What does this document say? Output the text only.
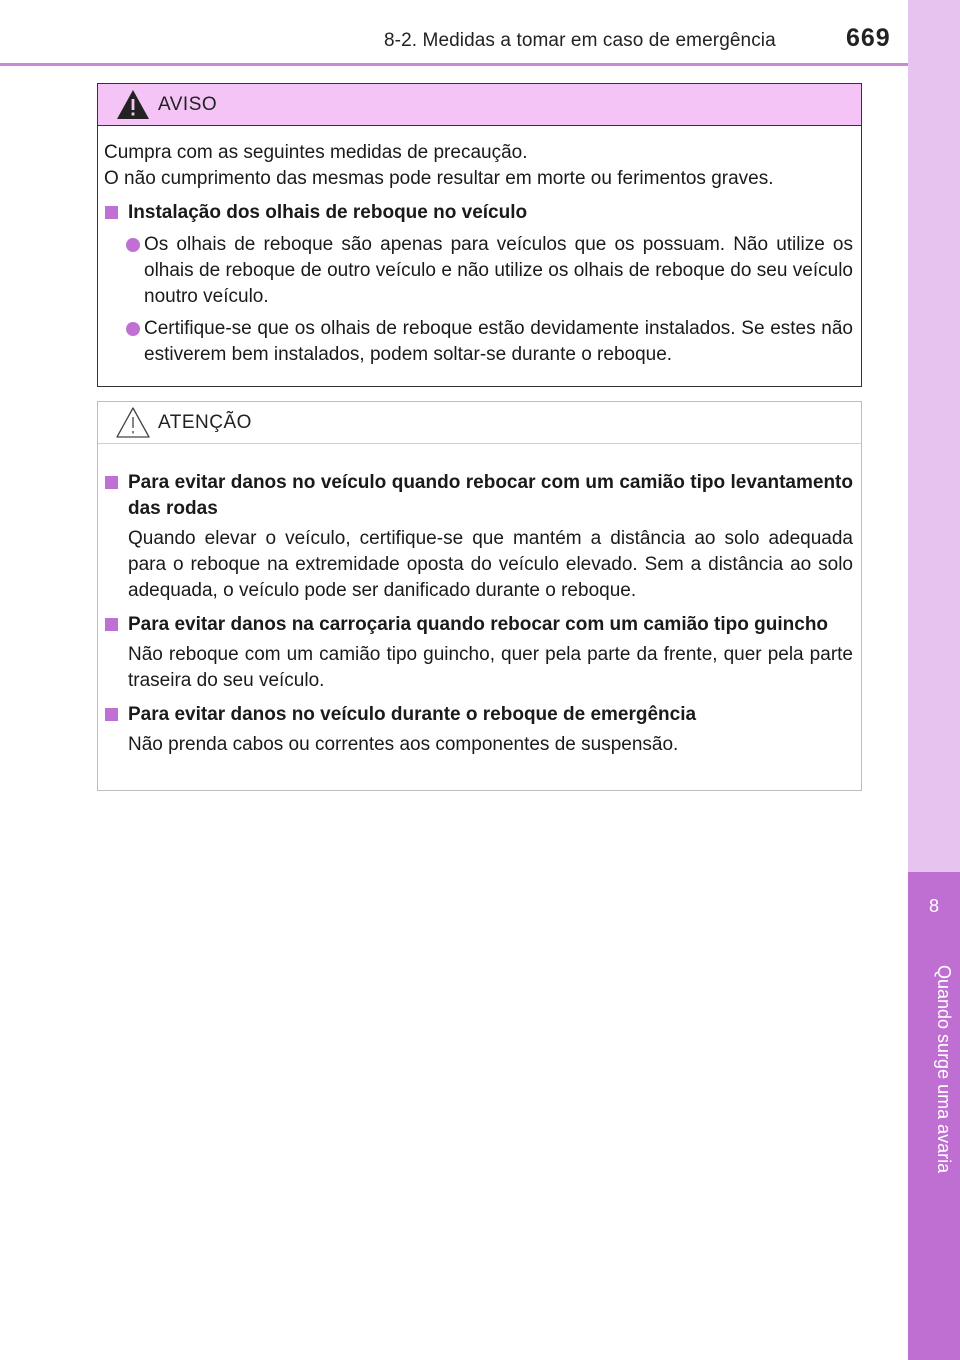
8
Quando surge uma avaria
8-2. Medidas a tomar em caso de emergência	669
AVISO

Cumpra com as seguintes medidas de precaução.

O não cumprimento das mesmas pode resultar em morte ou ferimentos graves.

Instalação dos olhais de reboque no veículo
Os olhais de reboque são apenas para veículos que os possuam. Não utilize os olhais de reboque de outro veículo e não utilize os olhais de reboque do seu veículo noutro veículo.
Certifique-se que os olhais de reboque estão devidamente instalados. Se estes não estiverem bem instalados, podem soltar-se durante o reboque.
ATENÇÃO
Para evitar danos no veículo quando rebocar com um camião tipo levantamento das rodas

Quando elevar o veículo, certifique-se que mantém a distância ao solo adequada para o reboque na extremidade oposta do veículo elevado. Sem a distância ao solo adequada, o veículo pode ser danificado durante o reboque.

Para evitar danos na carroçaria quando rebocar com um camião tipo guincho

Não reboque com um camião tipo guincho, quer pela parte da frente, quer pela parte traseira do seu veículo.

Para evitar danos no veículo durante o reboque de emergência

Não prenda cabos ou correntes aos componentes de suspensão.
